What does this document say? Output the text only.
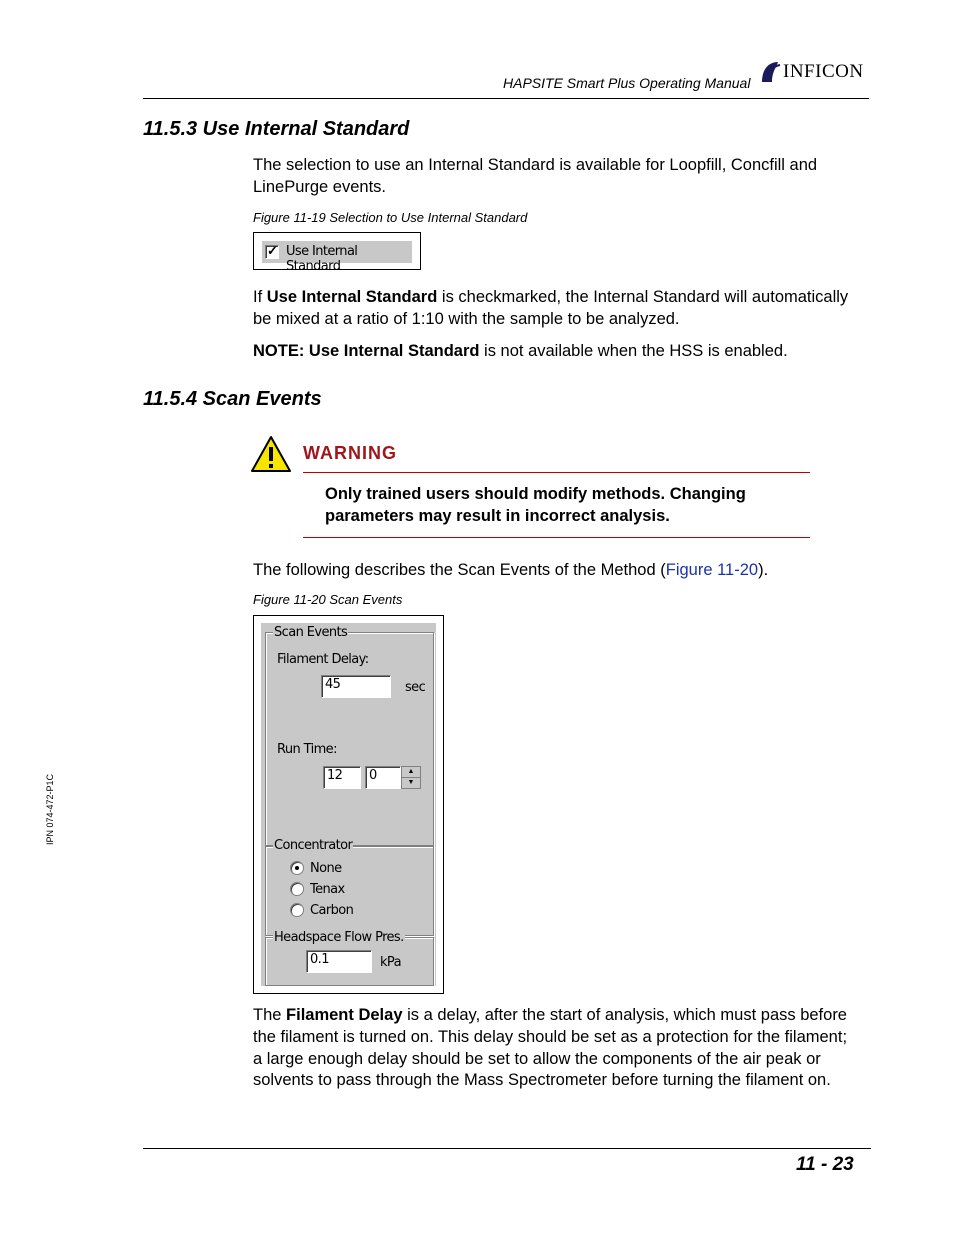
HAPSITE Smart Plus Operating Manual
INFICON
11.5.3 Use Internal Standard

The selection to use an Internal Standard is available for Loopfill, Concfill and

LinePurge events.

Figure 11-19 Selection to Use Internal Standard
✓ Use Internal Standard

If Use Internal Standard is checkmarked, the Internal Standard will automatically

be mixed at a ratio of 1:10 with the sample to be analyzed.

NOTE: Use Internal Standard is not available when the HSS is enabled.

11.5.4 Scan Events
WARNING

Only trained users should modify methods. Changing

parameters may result in incorrect analysis.

The following describes the Scan Events of the Method (Figure 11-20).

Figure 11-20 Scan Events
Scan Events
Filament Delay:
45	sec
Run Time:
12 0	▲
▼
Concentrator
None
Tenax
Carbon
Headspace Flow Pres.
0.1	kPa

The Filament Delay is a delay, after the start of analysis, which must pass before

the filament is turned on. This delay should be set as a protection for the filament;

a large enough delay should be set to allow the components of the air peak or

solvents to pass through the Mass Spectrometer before turning the filament on.

11 - 23
IPN 074-472-P1C
